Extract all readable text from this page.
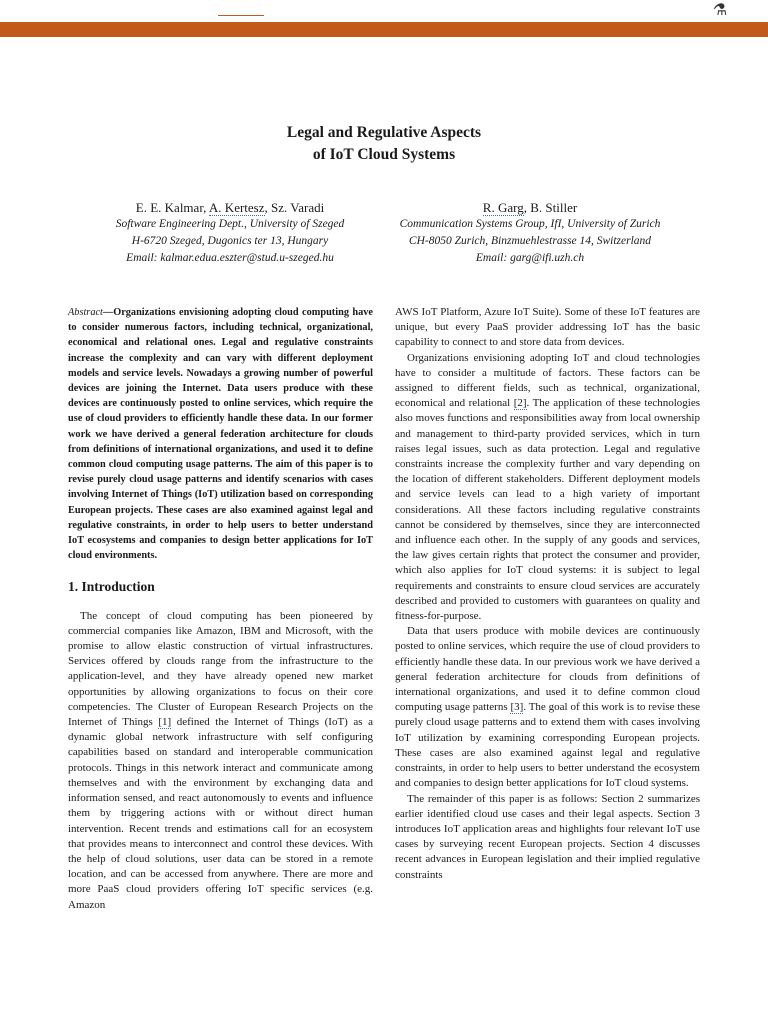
⚗
Legal and Regulative Aspects
of IoT Cloud Systems
E. E. Kalmar, A. Kertesz, Sz. Varadi
Software Engineering Dept., University of Szeged
H-6720 Szeged, Dugonics ter 13, Hungary
Email: kalmar.edua.eszter@stud.u-szeged.hu
R. Garg, B. Stiller
Communication Systems Group, IfI, University of Zurich
CH-8050 Zurich, Binzmuehlestrasse 14, Switzerland
Email: garg@ifi.uzh.ch

Abstract—Organizations envisioning adopting cloud computing have to consider numerous factors, including technical, organizational, economical and relational ones. Legal and regulative constraints increase the complexity and can vary with different deployment models and service levels. Nowadays a growing number of powerful devices are joining the Internet. Data users produce with these devices are continuously posted to online services, which require the use of cloud providers to efficiently handle these data. In our former work we have derived a general federation architecture for clouds from definitions of international organizations, and used it to define common cloud computing usage patterns. The aim of this paper is to revise purely cloud usage patterns and identify scenarios with cases involving Internet of Things (IoT) utilization based on corresponding European projects. These cases are also examined against legal and regulative constraints, in order to help users to better understand IoT ecosystems and companies to design better applications for IoT cloud environments.

1. Introduction

The concept of cloud computing has been pioneered by commercial companies like Amazon, IBM and Microsoft, with the promise to allow elastic construction of virtual infrastructures. Services offered by clouds range from the infrastructure to the application-level, and they have already opened new market opportunities by allowing organizations to focus on their core competencies. The Cluster of European Research Projects on the Internet of Things [1] defined the Internet of Things (IoT) as a dynamic global network infrastructure with self configuring capabilities based on standard and interoperable communication protocols. Things in this network interact and communicate among themselves and with the environment by exchanging data and information sensed, and react autonomously to events and influence them by triggering actions with or without direct human intervention. Recent trends and estimations call for an ecosystem that provides means to interconnect and control these devices. With the help of cloud solutions, user data can be stored in a remote location, and can be accessed from anywhere. There are more and more PaaS cloud providers offering IoT specific services (e.g. Amazon

AWS IoT Platform, Azure IoT Suite). Some of these IoT features are unique, but every PaaS provider addressing IoT has the basic capability to connect to and store data from devices.

Organizations envisioning adopting IoT and cloud technologies have to consider a multitude of factors. These factors can be assigned to different fields, such as technical, organizational, economical and relational [2]. The application of these technologies also moves functions and responsibilities away from local ownership and management to third-party provided services, which in turn raises legal issues, such as data protection. Legal and regulative constraints increase the complexity further and vary depending on the location of different stakeholders. Different deployment models and service levels can lead to a high variety of important considerations. All these factors including regulative constraints cannot be considered by themselves, since they are interconnected and influence each other. In the supply of any goods and services, the law gives certain rights that protect the consumer and provider, which also applies for IoT cloud systems: it is subject to legal requirements and constraints to ensure cloud services are accurately described and provided to customers with guarantees on quality and fitness-for-purpose.

Data that users produce with mobile devices are continuously posted to online services, which require the use of cloud providers to efficiently handle these data. In our previous work we have derived a general federation architecture for clouds from definitions of international organizations, and used it to define common cloud computing usage patterns [3]. The goal of this work is to revise these purely cloud usage patterns and to extend them with cases involving IoT utilization by examining corresponding European projects. These cases are also examined against legal and regulative constraints, in order to help users to better understand the ecosystem and companies to design better applications for IoT cloud systems.

The remainder of this paper is as follows: Section 2 summarizes earlier identified cloud use cases and their legal aspects. Section 3 introduces IoT application areas and highlights four relevant IoT use cases by surveying recent European projects. Section 4 discusses recent advances in European legislation and their implied regulative constraints
